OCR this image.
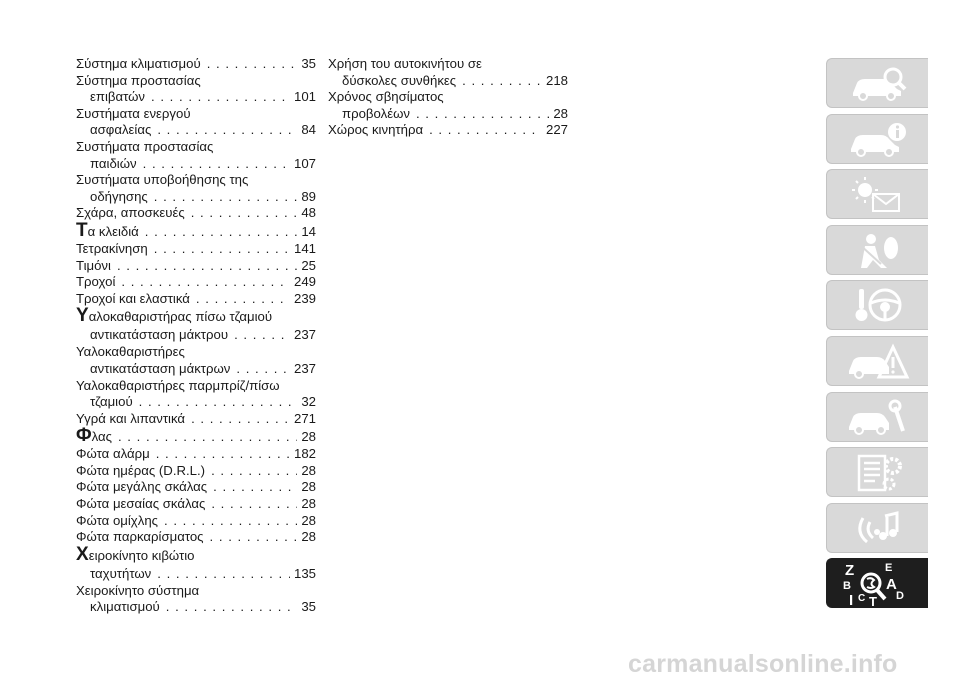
Σύστημα κλιματισμού . . .	35
Σύστημα προστασίας
επιβατών . . .	101
Συστήματα ενεργού
ασφαλείας . . .	84
Συστήματα προστασίας
παιδιών . . .	107
Συστήματα υποβοήθησης της
οδήγησης . . .	89
Σχάρα, αποσκευές . . .	48
Τα κλειδιά . . .	14
Τετρακίνηση . . .	141
Τιμόνι . . .	25
Τροχοί . . .	249
Τροχοί και ελαστικά . . .	239
Υαλοκαθαριστήρας πίσω τζαμιού
αντικατάσταση μάκτρου . . .	237
Υαλοκαθαριστήρες
αντικατάσταση μάκτρων . . .	237
Υαλοκαθαριστήρες παρμπρίζ/πίσω
τζαμιού . . .	32
Υγρά και λιπαντικά . . .	271
Φλας . . .	28
Φώτα αλάρμ . . .	182
Φώτα ημέρας (D.R.L.) . . .	28
Φώτα μεγάλης σκάλας . . .	28
Φώτα μεσαίας σκάλας . . .	28
Φώτα ομίχλης . . .	28
Φώτα παρκαρίσματος . . .	28
Χειροκίνητο κιβώτιο
ταχυτήτων . . .	135
Χειροκίνητο σύστημα
κλιματισμού . . .	35
Χρήση του αυτοκινήτου σε
δύσκολες συνθήκες . . .	218
Χρόνος σβησίματος
προβολέων . . .	28
Χώρος κινητήρα . . .	227
Z	E
B A
I C T D
carmanualsonline.info
